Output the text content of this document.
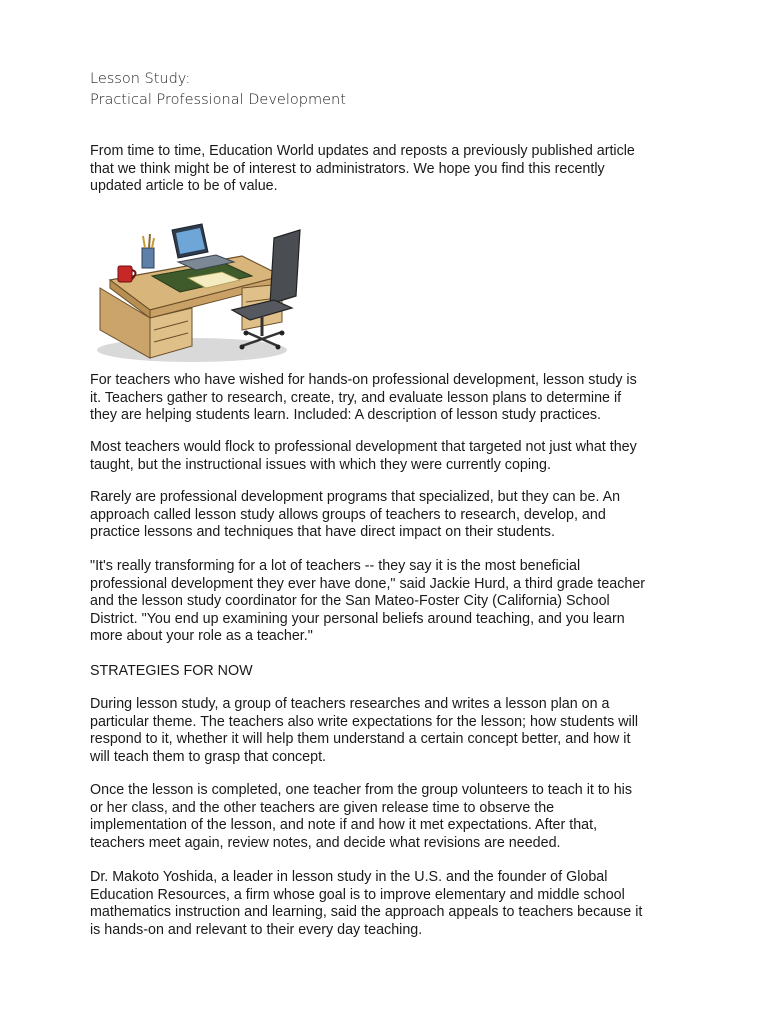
Lesson Study:
Practical Professional Development
From time to time, Education World updates and reposts a previously published article
that we think might be of interest to administrators. We hope you find this recently
updated article to be of value.
For teachers who have wished for hands-on professional development, lesson study is
it. Teachers gather to research, create, try, and evaluate lesson plans to determine if
they are helping students learn. Included: A description of lesson study practices.
Most teachers would flock to professional development that targeted not just what they
taught, but the instructional issues with which they were currently coping.
Rarely are professional development programs that specialized, but they can be. An
approach called lesson study allows groups of teachers to research, develop, and
practice lessons and techniques that have direct impact on their students.
"It's really transforming for a lot of teachers -- they say it is the most beneficial
professional development they ever have done," said Jackie Hurd, a third grade teacher
and the lesson study coordinator for the San Mateo-Foster City (California) School
District. "You end up examining your personal beliefs around teaching, and you learn
more about your role as a teacher."
STRATEGIES FOR NOW
During lesson study, a group of teachers researches and writes a lesson plan on a
particular theme. The teachers also write expectations for the lesson; how students will
respond to it, whether it will help them understand a certain concept better, and how it
will teach them to grasp that concept.
Once the lesson is completed, one teacher from the group volunteers to teach it to his
or her class, and the other teachers are given release time to observe the
implementation of the lesson, and note if and how it met expectations. After that,
teachers meet again, review notes, and decide what revisions are needed.
Dr. Makoto Yoshida, a leader in lesson study in the U.S. and the founder of Global
Education Resources, a firm whose goal is to improve elementary and middle school
mathematics instruction and learning, said the approach appeals to teachers because it
is hands-on and relevant to their every day teaching.
